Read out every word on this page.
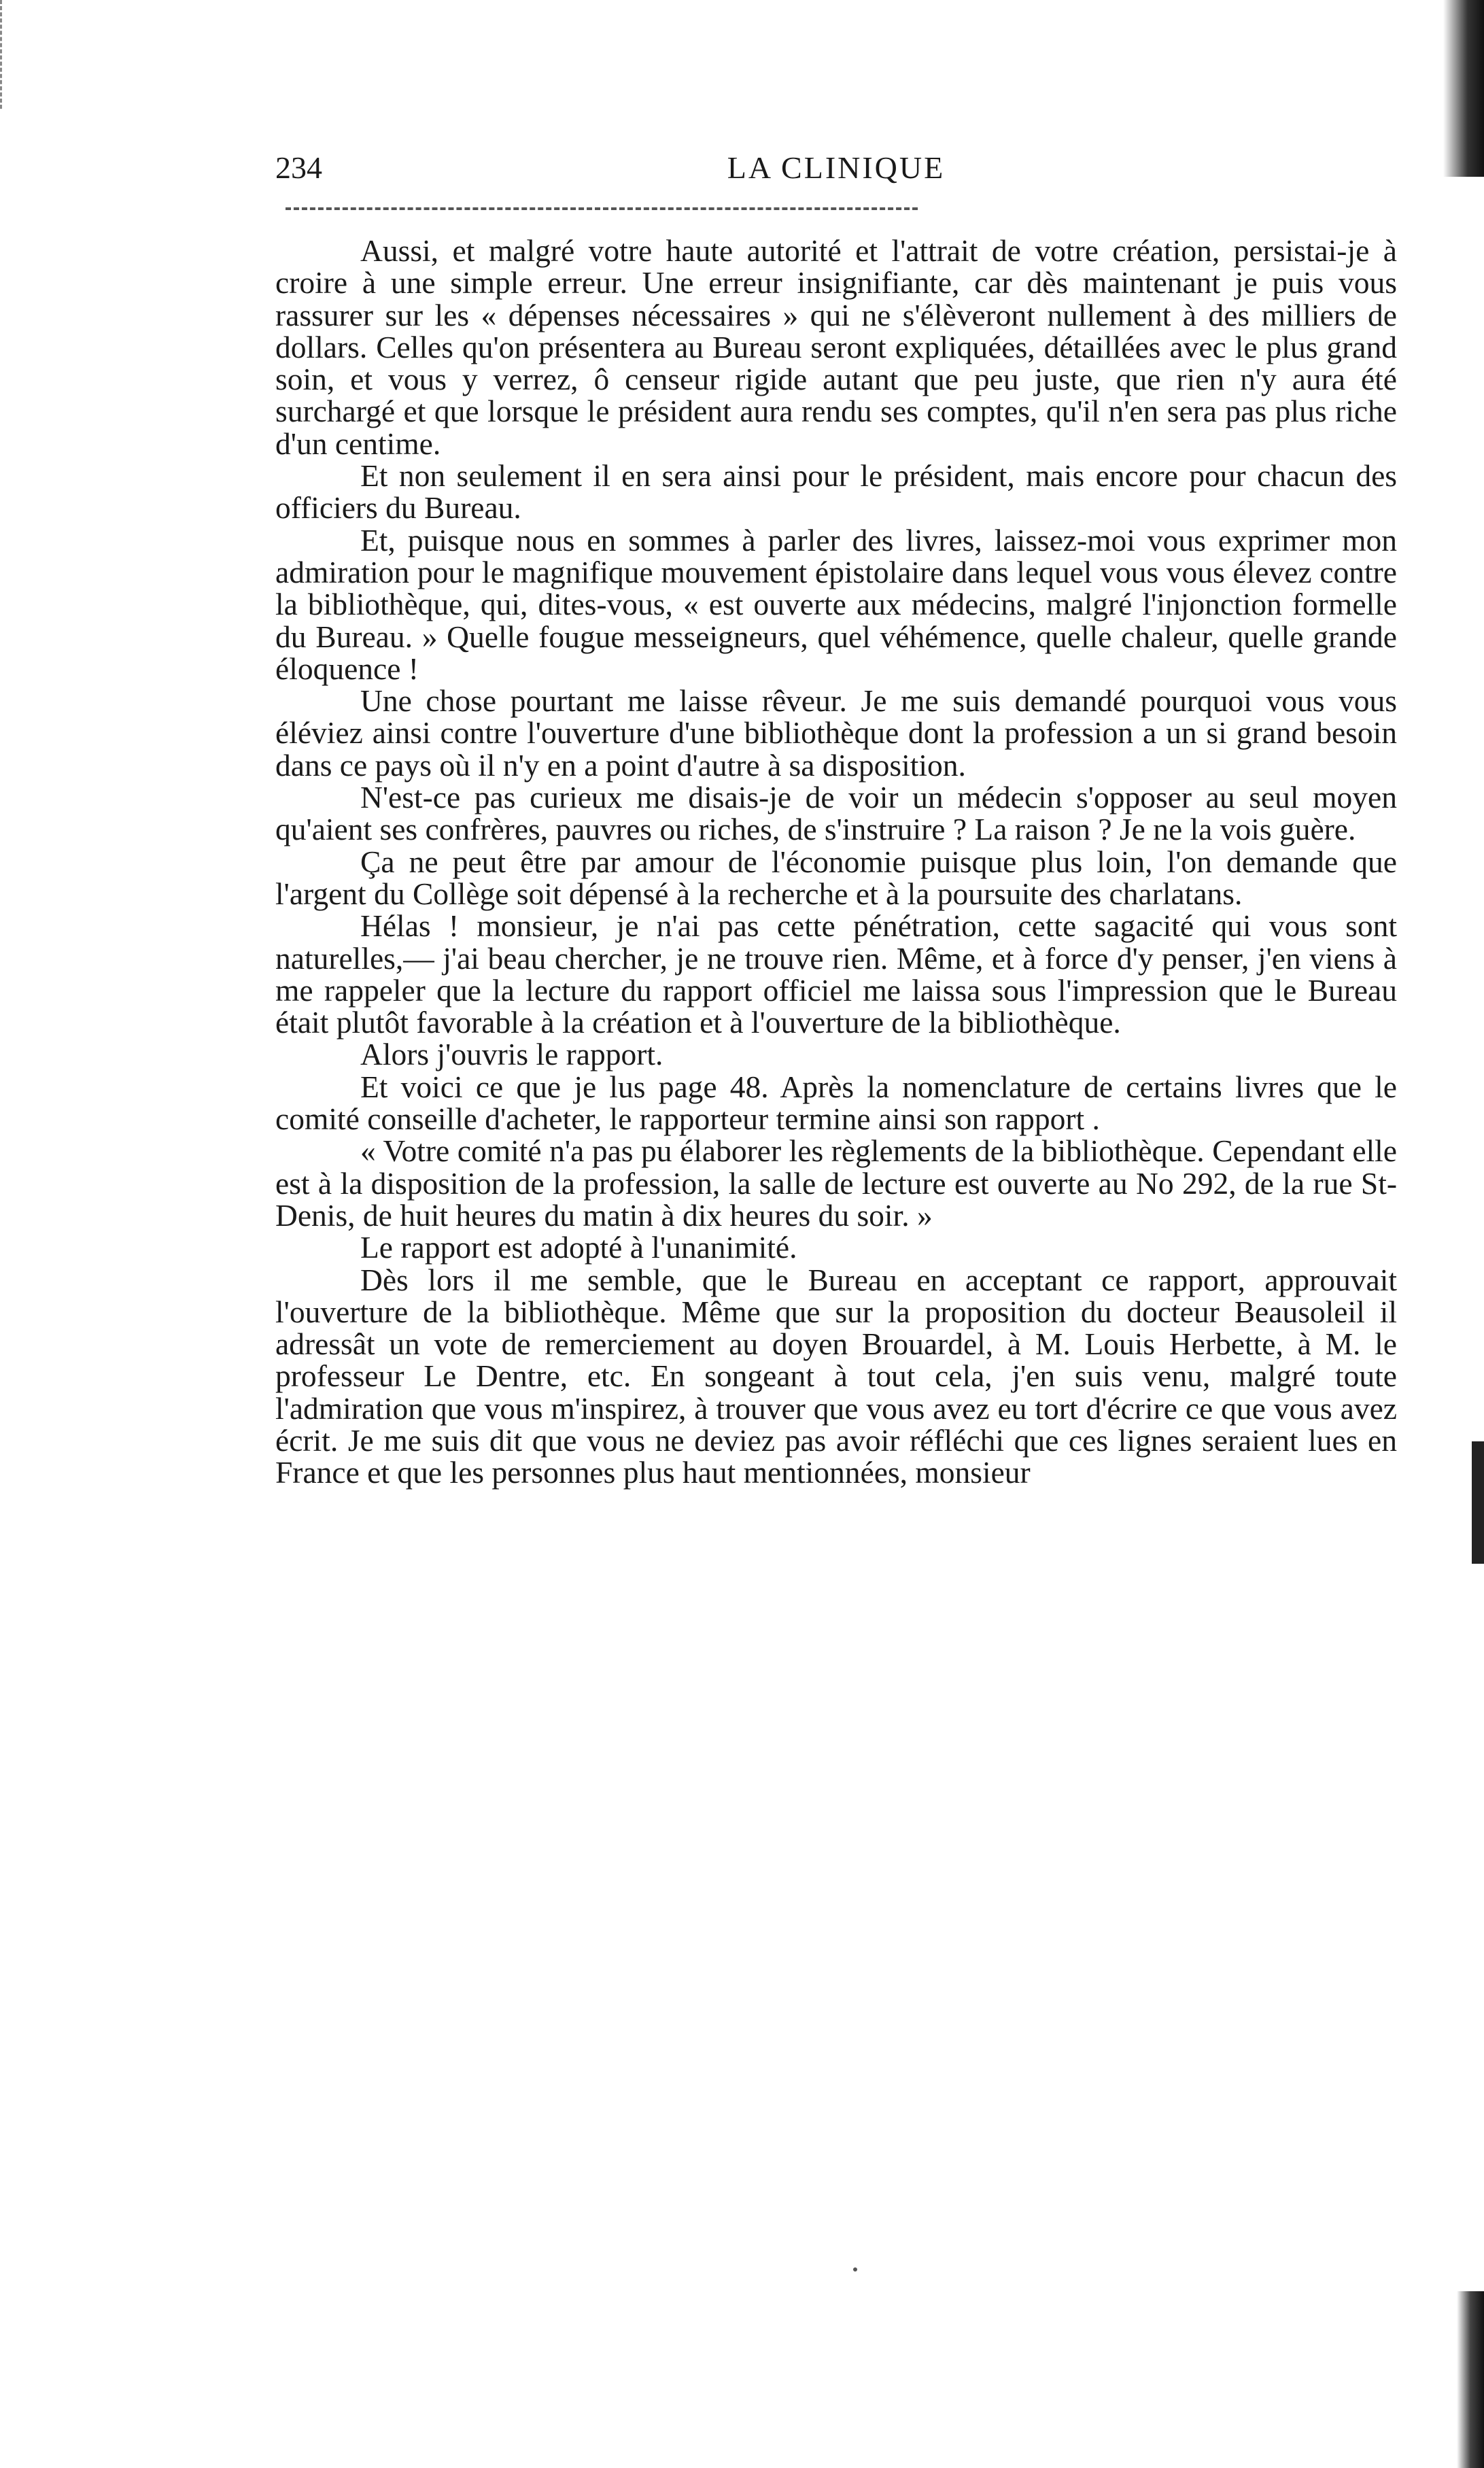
234	LA CLINIQUE

Aussi, et malgré votre haute autorité et l'attrait de votre création, persistai-je à croire à une simple erreur. Une erreur insignifiante, car dès maintenant je puis vous rassurer sur les « dépenses nécessaires » qui ne s'élèveront nullement à des milliers de dollars. Celles qu'on présentera au Bureau seront expliquées, détaillées avec le plus grand soin, et vous y verrez, ô censeur rigide autant que peu juste, que rien n'y aura été surchargé et que lorsque le président aura rendu ses comptes, qu'il n'en sera pas plus riche d'un centime.

Et non seulement il en sera ainsi pour le président, mais encore pour chacun des officiers du Bureau.

Et, puisque nous en sommes à parler des livres, laissez-moi vous exprimer mon admiration pour le magnifique mouvement épistolaire dans lequel vous vous élevez contre la bibliothèque, qui, dites-vous, « est ouverte aux médecins, malgré l'injonction formelle du Bureau. » Quelle fougue messeigneurs, quel véhémence, quelle chaleur, quelle grande éloquence !

Une chose pourtant me laisse rêveur. Je me suis demandé pourquoi vous vous éléviez ainsi contre l'ouverture d'une bibliothèque dont la profession a un si grand besoin dans ce pays où il n'y en a point d'autre à sa disposition.

N'est-ce pas curieux me disais-je de voir un médecin s'opposer au seul moyen qu'aient ses confrères, pauvres ou riches, de s'instruire ? La raison ? Je ne la vois guère.

Ça ne peut être par amour de l'économie puisque plus loin, l'on demande que l'argent du Collège soit dépensé à la recherche et à la poursuite des charlatans.

Hélas ! monsieur, je n'ai pas cette pénétration, cette sagacité qui vous sont naturelles,— j'ai beau chercher, je ne trouve rien. Même, et à force d'y penser, j'en viens à me rappeler que la lecture du rapport officiel me laissa sous l'impression que le Bureau était plutôt favorable à la création et à l'ouverture de la bibliothèque.

Alors j'ouvris le rapport.

Et voici ce que je lus page 48. Après la nomenclature de certains livres que le comité conseille d'acheter, le rapporteur termine ainsi son rapport .

« Votre comité n'a pas pu élaborer les règlements de la bibliothèque. Cependant elle est à la disposition de la profession, la salle de lecture est ouverte au No 292, de la rue St-Denis, de huit heures du matin à dix heures du soir. »

Le rapport est adopté à l'unanimité.

Dès lors il me semble, que le Bureau en acceptant ce rapport, approuvait l'ouverture de la bibliothèque. Même que sur la proposition du docteur Beausoleil il adressât un vote de remerciement au doyen Brouardel, à M. Louis Herbette, à M. le professeur Le Dentre, etc. En songeant à tout cela, j'en suis venu, malgré toute l'admiration que vous m'inspirez, à trouver que vous avez eu tort d'écrire ce que vous avez écrit. Je me suis dit que vous ne deviez pas avoir réfléchi que ces lignes seraient lues en France et que les personnes plus haut mentionnées, monsieur
